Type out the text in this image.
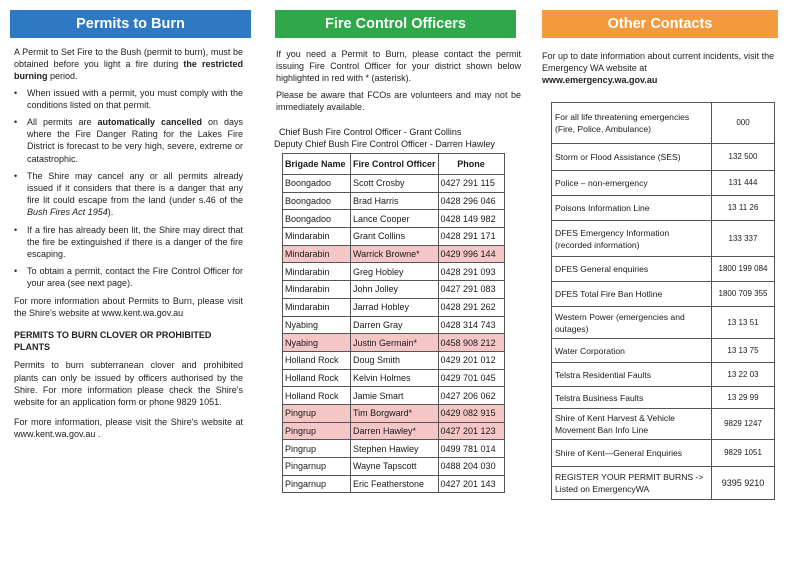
Permits to Burn

A Permit to Set Fire to the Bush (permit to burn), must be obtained before you light a fire during the restricted burning period.

• When issued with a permit, you must comply with the conditions listed on that permit.
• All permits are automatically cancelled on days where the Fire Danger Rating for the Lakes Fire District is forecast to be very high, severe, extreme or catastrophic.
• The Shire may cancel any or all permits already issued if it considers that there is a danger that any fire lit could escape from the land (under s.46 of the Bush Fires Act 1954).
• If a fire has already been lit, the Shire may direct that the fire be extinguished if there is a danger of the fire escaping.
• To obtain a permit, contact the Fire Control Officer for your area (see next page).

For more information about Permits to Burn, please visit the Shire's website at www.kent.wa.gov.au

PERMITS TO BURN CLOVER OR PROHIBITED PLANTS

Permits to burn subterranean clover and prohibited plants can only be issued by officers authorised by the Shire. For more information please check the Shire's website for an application form or phone 9829 1051.

For more information, please visit the Shire's website at www.kent.wa.gov.au .

Fire Control Officers

If you need a Permit to Burn, please contact the permit issuing Fire Control Officer for your district shown below highlighted in red with * (asterisk).

Please be aware that FCOs are volunteers and may not be immediately available.

Chief Bush Fire Control Officer - Grant Collins
Deputy Chief Bush Fire Control Officer - Darren Hawley
Brigade Name	Fire Control Officer	Phone
Boongadoo	Scott Crosby	0427 291 115
Boongadoo	Brad Harris	0428 296 046
Boongadoo	Lance Cooper	0428 149 982
Mindarabin	Grant Collins	0428 291 171
Mindarabin	Warrick Browne*	0429 996 144
Mindarabin	Greg Hobley	0428 291 093
Mindarabin	John Jolley	0427 291 083
Mindarabin	Jarrad Hobley	0428 291 262
Nyabing	Darren Gray	0428 314 743
Nyabing	Justin Germain*	0458 908 212
Holland Rock	Doug Smith	0429 201 012
Holland Rock	Kelvin Holmes	0429 701 045
Holland Rock	Jamie Smart	0427 206 062
Pingrup	Tim Borgward*	0429 082 915
Pingrup	Darren Hawley*	0427 201 123
Pingrup	Stephen Hawley	0499 781 014
Pingarnup	Wayne Tapscott	0488 204 030
Pingarnup	Eric Featherstone	0427 201 143
Other Contacts
For up to date information about current incidents, visit the Emergency WA website at
www.emergency.wa.gov.au
For all life threatening emergencies (Fire, Police, Ambulance)	000
Storm or Flood Assistance (SES)	132 500
Police – non-emergency	131 444
Poisons Information Line	13 11 26
DFES Emergency Information (recorded information)	133 337
DFES General enquiries	1800 199 084
DFES Total Fire Ban Hotline	1800 709 355
Western Power (emergencies and outages)	13 13 51
Water Corporation	13 13 75
Telstra Residential Faults	13 22 03
Telstra Business Faults	13 29 99
Shire of Kent Harvest & Vehicle Movement Ban Info Line	9829 1247
Shire of Kent—General Enquiries	9829 1051
REGISTER YOUR PERMIT BURNS -> Listed on EmergencyWA	9395 9210
